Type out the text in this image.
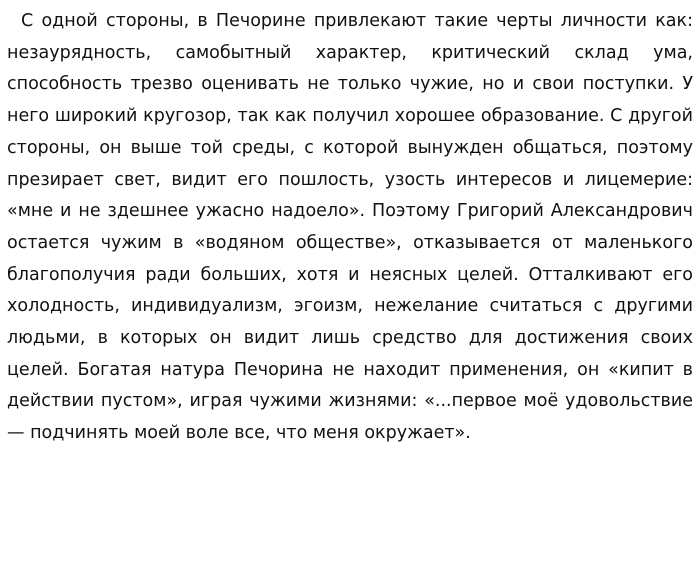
С одной стороны, в Печорине привлекают такие черты личности как: незаурядность, самобытный характер, критический склад ума, способность трезво оценивать не только чужие, но и свои поступки. У него широкий кругозор, так как получил хорошее образование. С другой стороны, он выше той среды, с которой вынужден общаться, поэтому презирает свет, видит его пошлость, узость интересов и лицемерие: «мне и не здешнее ужасно надоело». Поэтому Григорий Александрович остается чужим в «водяном обществе», отказывается от маленького благополучия ради больших, хотя и неясных целей. Отталкивают его холодность, индивидуализм, эгоизм, нежелание считаться с другими людьми, в которых он видит лишь средство для достижения своих целей. Богатая натура Печорина не находит применения, он «кипит в действии пустом», играя чужими жизнями: «...первое моё удовольствие — подчинять моей воле все, что меня окружает».
